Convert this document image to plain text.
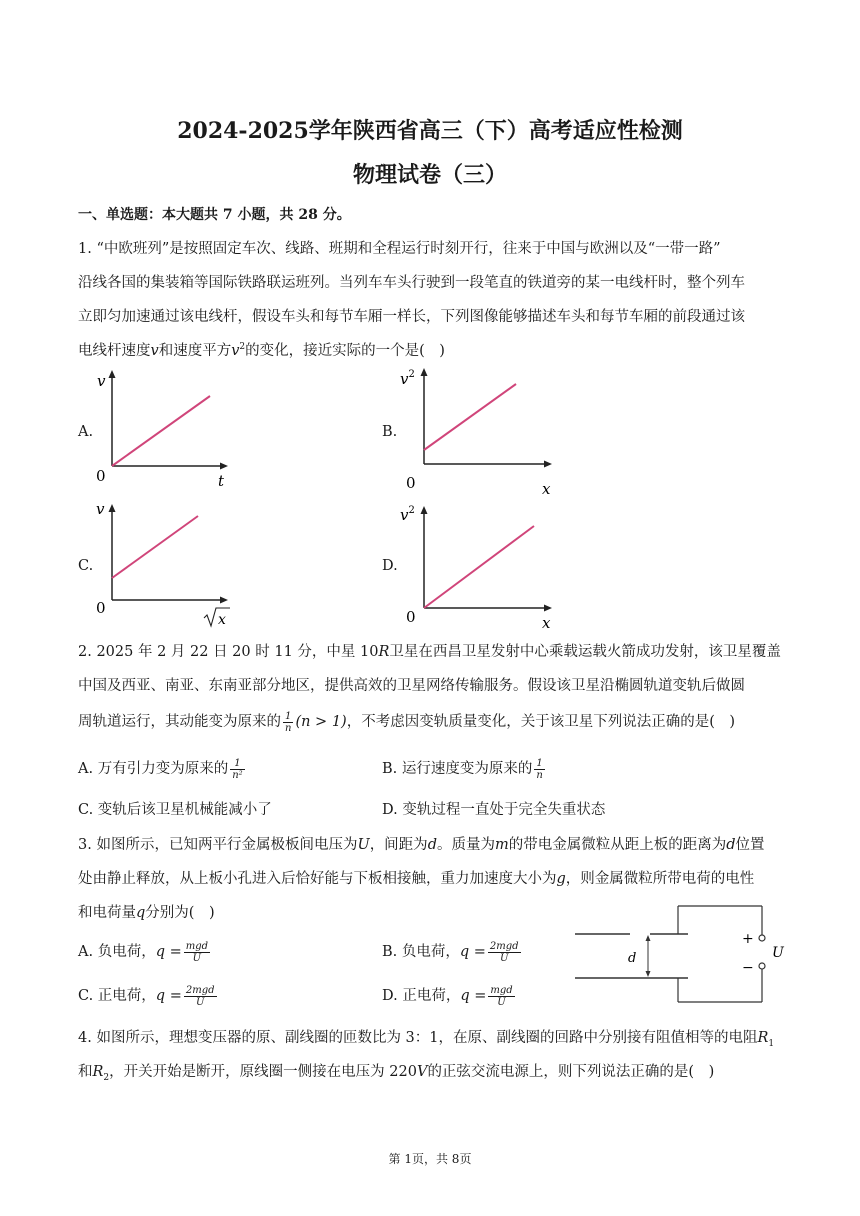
2024-2025学年陕西省高三（下）高考适应性检测
物理试卷（三）
一、单选题：本大题共 7 小题，共 28 分。
1. “中欧班列”是按照固定车次、线路、班期和全程运行时刻开行，往来于中国与欧洲以及“一带一路”
沿线各国的集装箱等国际铁路联运班列。当列车车头行驶到一段笔直的铁道旁的某一电线杆时，整个列车
立即匀加速通过该电线杆，假设车头和每节车厢一样长，下列图像能够描述车头和每节车厢的前段通过该
电线杆速度v和速度平方$v^2$的变化，接近实际的一个是(　)
A.	B.
C.	D.
v
0	t
$v^2$
0	x
v
0
x
$v^2$
0	x
2. 2025 年 2 月 22 日 20 时 11 分，中星 10R卫星在西昌卫星发射中心乘载运载火箭成功发射，该卫星覆盖
中国及西亚、南亚、东南亚部分地区，提供高效的卫星网络传输服务。假设该卫星沿椭圆轨道变轨后做圆
周轨道运行，其动能变为原来的 $\frac{1}{n} (n > 1)$，不考虑因变轨质量变化，关于该卫星下列说法正确的是(　)
A. 万有引力变为原来的 $\frac{1}{\text{n²}}$	B. 运行速度变为原来的 $\frac{1}{n}$
C. 变轨后该卫星机械能减小了	D. 变轨过程一直处于完全失重状态
3. 如图所示，已知两平行金属极板间电压为U，间距为d。质量为m的带电金属微粒从距上板的距离为d位置
处由静止释放，从上板小孔进入后恰好能与下板相接触，重力加速度大小为g，则金属微粒所带电荷的电性
和电荷量q分别为(　)
A. 负电荷，$q = \frac{\text{mgd}}{U}$	B. 负电荷，$q = \frac{\text{2mgd}}{U}$
C. 正电荷，$q = \frac{\text{2mgd}}{U}$	D. 正电荷，$q = \frac{\text{mgd}}{U}$
d
+
−
U
4. 如图所示，理想变压器的原、副线圈的匝数比为 3：1，在原、副线圈的回路中分别接有阻值相等的电阻$R_1$
和$R_2$，开关开始是断开，原线圈一侧接在电压为 220V的正弦交流电源上，则下列说法正确的是(　)
第 1页，共 8页
